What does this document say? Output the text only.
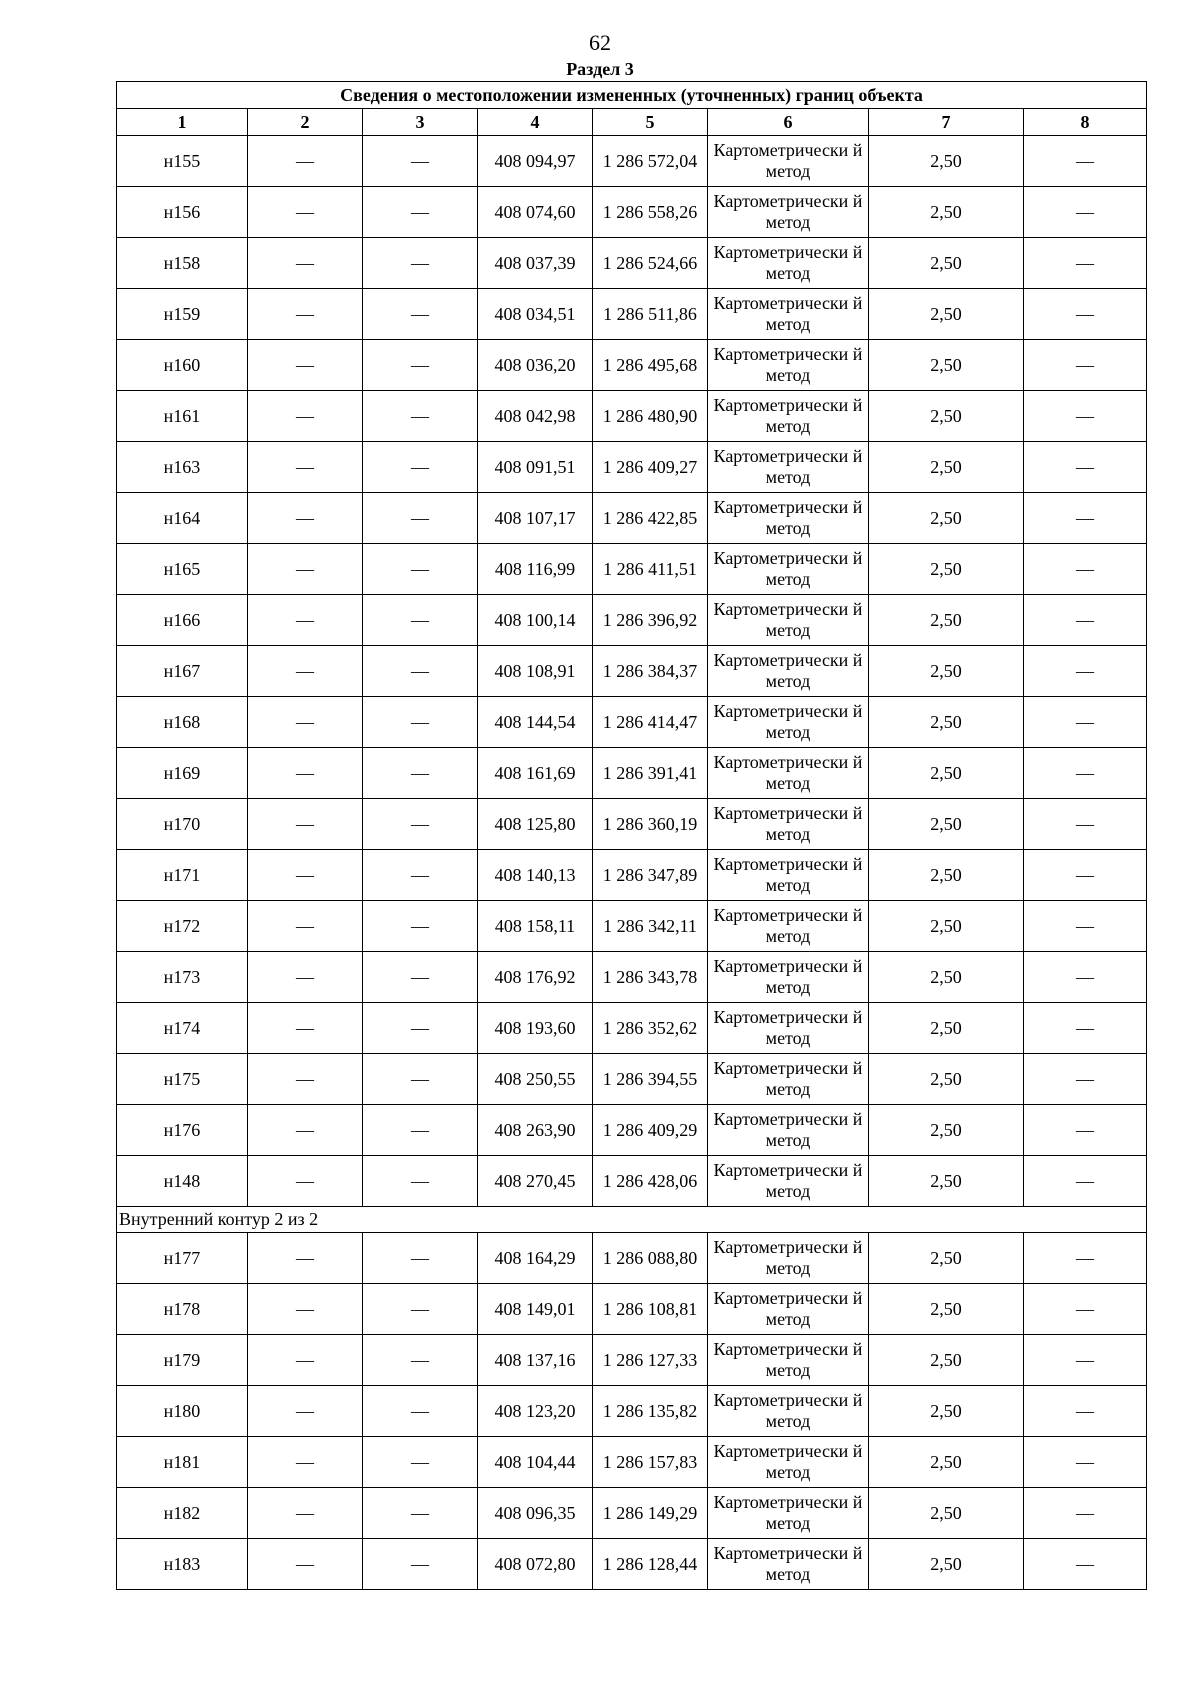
62
Раздел 3
Сведения о местоположении измененных (уточненных) границ объекта							
1	2	3	4	5	6	7	8
н155	—	—	408 094,97	1 286 572,04	Картометрически й метод	2,50	—
н156	—	—	408 074,60	1 286 558,26	Картометрически й метод	2,50	—
н158	—	—	408 037,39	1 286 524,66	Картометрически й метод	2,50	—
н159	—	—	408 034,51	1 286 511,86	Картометрически й метод	2,50	—
н160	—	—	408 036,20	1 286 495,68	Картометрически й метод	2,50	—
н161	—	—	408 042,98	1 286 480,90	Картометрически й метод	2,50	—
н163	—	—	408 091,51	1 286 409,27	Картометрически й метод	2,50	—
н164	—	—	408 107,17	1 286 422,85	Картометрически й метод	2,50	—
н165	—	—	408 116,99	1 286 411,51	Картометрически й метод	2,50	—
н166	—	—	408 100,14	1 286 396,92	Картометрически й метод	2,50	—
н167	—	—	408 108,91	1 286 384,37	Картометрически й метод	2,50	—
н168	—	—	408 144,54	1 286 414,47	Картометрически й метод	2,50	—
н169	—	—	408 161,69	1 286 391,41	Картометрически й метод	2,50	—
н170	—	—	408 125,80	1 286 360,19	Картометрически й метод	2,50	—
н171	—	—	408 140,13	1 286 347,89	Картометрически й метод	2,50	—
н172	—	—	408 158,11	1 286 342,11	Картометрически й метод	2,50	—
н173	—	—	408 176,92	1 286 343,78	Картометрически й метод	2,50	—
н174	—	—	408 193,60	1 286 352,62	Картометрически й метод	2,50	—
н175	—	—	408 250,55	1 286 394,55	Картометрически й метод	2,50	—
н176	—	—	408 263,90	1 286 409,29	Картометрически й метод	2,50	—
н148	—	—	408 270,45	1 286 428,06	Картометрически й метод	2,50	—
Внутренний контур 2 из 2							
н177	—	—	408 164,29	1 286 088,80	Картометрически й метод	2,50	—
н178	—	—	408 149,01	1 286 108,81	Картометрически й метод	2,50	—
н179	—	—	408 137,16	1 286 127,33	Картометрически й метод	2,50	—
н180	—	—	408 123,20	1 286 135,82	Картометрически й метод	2,50	—
н181	—	—	408 104,44	1 286 157,83	Картометрически й метод	2,50	—
н182	—	—	408 096,35	1 286 149,29	Картометрически й метод	2,50	—
н183	—	—	408 072,80	1 286 128,44	Картометрически й метод	2,50	—
